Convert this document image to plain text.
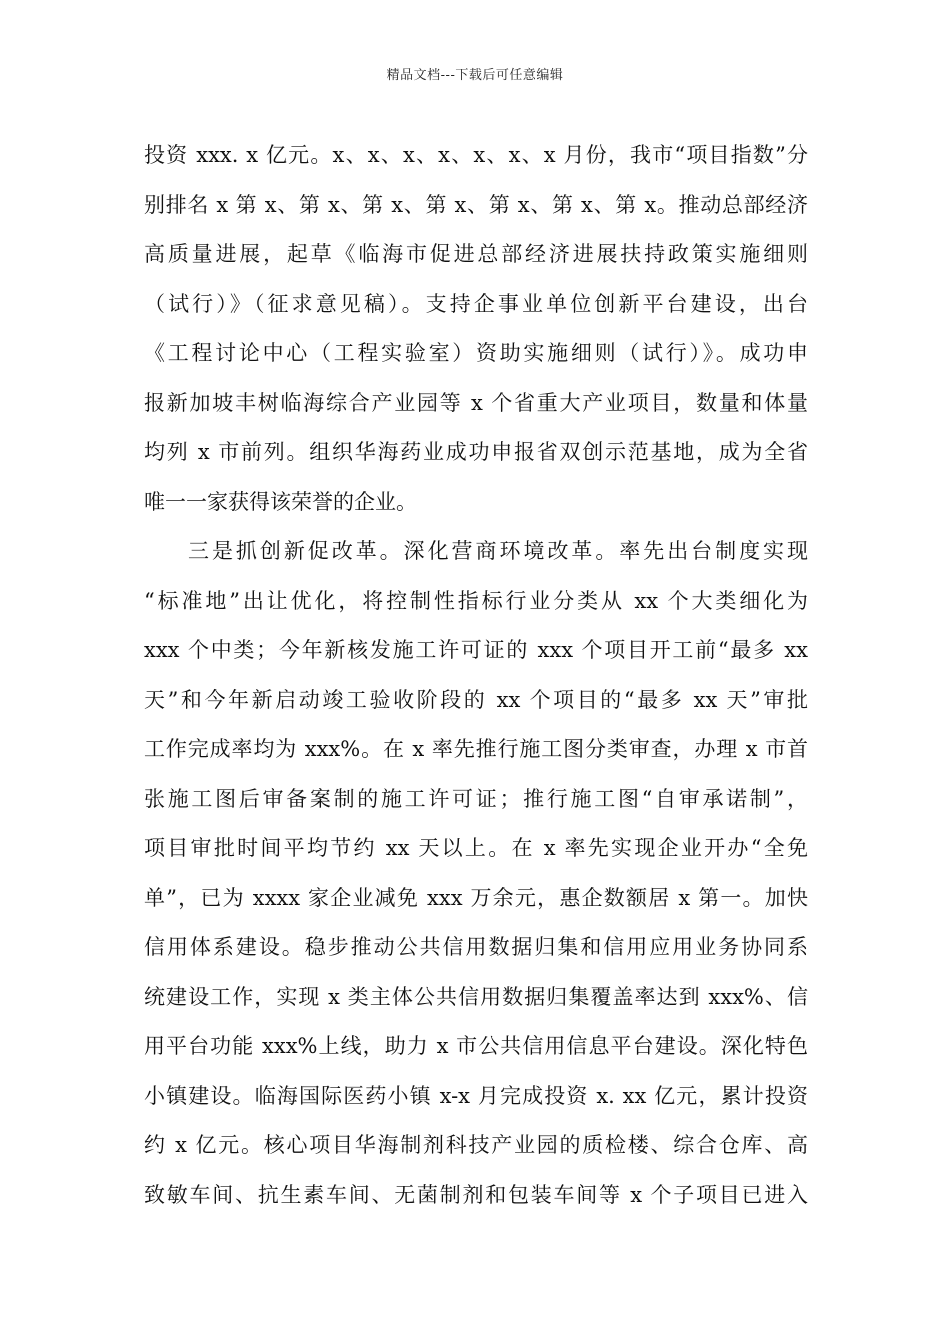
精品文档---下载后可任意编辑
投资 xxx. x 亿元。x、x、x、x、x、x、x 月份，我市“项目指数”分
别排名 x 第 x、第 x、第 x、第 x、第 x、第 x、第 x。推动总部经济
高质量进展，起草《临海市促进总部经济进展扶持政策实施细则
（试行）》（征求意见稿）。支持企事业单位创新平台建设，出台
《工程讨论中心（工程实验室）资助实施细则（试行）》。成功申
报新加坡丰树临海综合产业园等 x 个省重大产业项目，数量和体量
均列 x 市前列。组织华海药业成功申报省双创示范基地，成为全省
唯一一家获得该荣誉的企业。
三是抓创新促改革。深化营商环境改革。率先出台制度实现
“标准地”出让优化，将控制性指标行业分类从 xx 个大类细化为
xxx 个中类；今年新核发施工许可证的 xxx 个项目开工前“最多 xx
天”和今年新启动竣工验收阶段的 xx 个项目的“最多 xx 天”审批
工作完成率均为 xxx%。在 x 率先推行施工图分类审查，办理 x 市首
张施工图后审备案制的施工许可证；推行施工图“自审承诺制”，
项目审批时间平均节约 xx 天以上。在 x 率先实现企业开办“全免
单”，已为 xxxx 家企业减免 xxx 万余元，惠企数额居 x 第一。加快
信用体系建设。稳步推动公共信用数据归集和信用应用业务协同系
统建设工作，实现 x 类主体公共信用数据归集覆盖率达到 xxx%、信
用平台功能 xxx%上线，助力 x 市公共信用信息平台建设。深化特色
小镇建设。临海国际医药小镇 x-x 月完成投资 x. xx 亿元，累计投资
约 x 亿元。核心项目华海制剂科技产业园的质检楼、综合仓库、高
致敏车间、抗生素车间、无菌制剂和包装车间等 x 个子项目已进入
